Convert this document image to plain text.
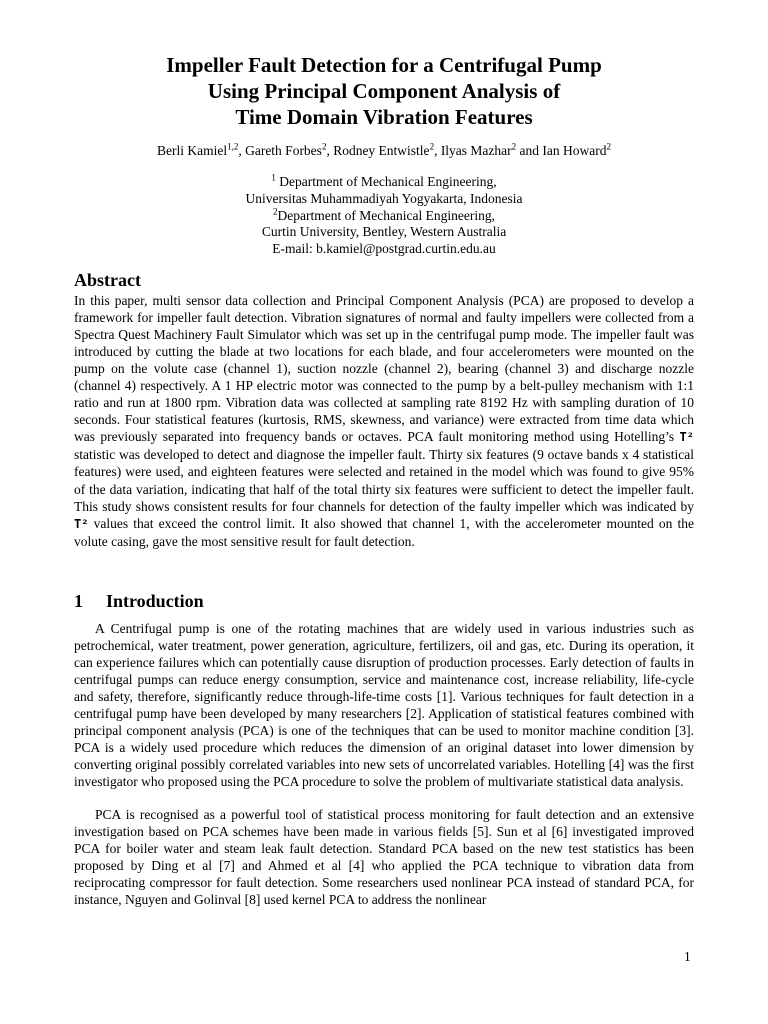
Impeller Fault Detection for a Centrifugal Pump
Using Principal Component Analysis of
Time Domain Vibration Features
Berli Kamiel$^{1,2}$, Gareth Forbes$^2$, Rodney Entwistle$^2$, Ilyas Mazhar$^2$ and Ian Howard$^2$
$^1$ Department of Mechanical Engineering,
Universitas Muhammadiyah Yogyakarta, Indonesia
$^2$Department of Mechanical Engineering,
Curtin University, Bentley, Western Australia
E-mail: b.kamiel@postgrad.curtin.edu.au
Abstract

In this paper, multi sensor data collection and Principal Component Analysis (PCA) are proposed to develop a framework for impeller fault detection. Vibration signatures of normal and faulty impellers were collected from a Spectra Quest Machinery Fault Simulator which was set up in the centrifugal pump mode. The impeller fault was introduced by cutting the blade at two locations for each blade, and four accelerometers were mounted on the pump on the volute case (channel 1), suction nozzle (channel 2), bearing (channel 3) and discharge nozzle (channel 4) respectively. A 1 HP electric motor was connected to the pump by a belt-pulley mechanism with 1:1 ratio and run at 1800 rpm. Vibration data was collected at sampling rate 8192 Hz with sampling duration of 10 seconds. Four statistical features (kurtosis, RMS, skewness, and variance) were extracted from time data which was previously separated into frequency bands or octaves. PCA fault monitoring method using Hotelling’s T² statistic was developed to detect and diagnose the impeller fault. Thirty six features (9 octave bands x 4 statistical features) were used, and eighteen features were selected and retained in the model which was found to give 95% of the data variation, indicating that half of the total thirty six features were sufficient to detect the impeller fault. This study shows consistent results for four channels for detection of the faulty impeller which was indicated by T² values that exceed the control limit. It also showed that channel 1, with the accelerometer mounted on the volute casing, gave the most sensitive result for fault detection.

1 Introduction

A Centrifugal pump is one of the rotating machines that are widely used in various industries such as petrochemical, water treatment, power generation, agriculture, fertilizers, oil and gas, etc. During its operation, it can experience failures which can potentially cause disruption of production processes. Early detection of faults in centrifugal pumps can reduce energy consumption, service and maintenance cost, increase reliability, life-cycle and safety, therefore, significantly reduce through-life-time costs [1]. Various techniques for fault detection in a centrifugal pump have been developed by many researchers [2]. Application of statistical features combined with principal component analysis (PCA) is one of the techniques that can be used to monitor machine condition [3]. PCA is a widely used procedure which reduces the dimension of an original dataset into lower dimension by converting original possibly correlated variables into new sets of uncorrelated variables. Hotelling [4] was the first investigator who proposed using the PCA procedure to solve the problem of multivariate statistical data analysis.

PCA is recognised as a powerful tool of statistical process monitoring for fault detection and an extensive investigation based on PCA schemes have been made in various fields [5]. Sun et al [6] investigated improved PCA for boiler water and steam leak fault detection. Standard PCA based on the new test statistics has been proposed by Ding et al [7] and Ahmed et al [4] who applied the PCA technique to vibration data from reciprocating compressor for fault detection. Some researchers used nonlinear PCA instead of standard PCA, for instance, Nguyen and Golinval [8] used kernel PCA to address the nonlinear

1
